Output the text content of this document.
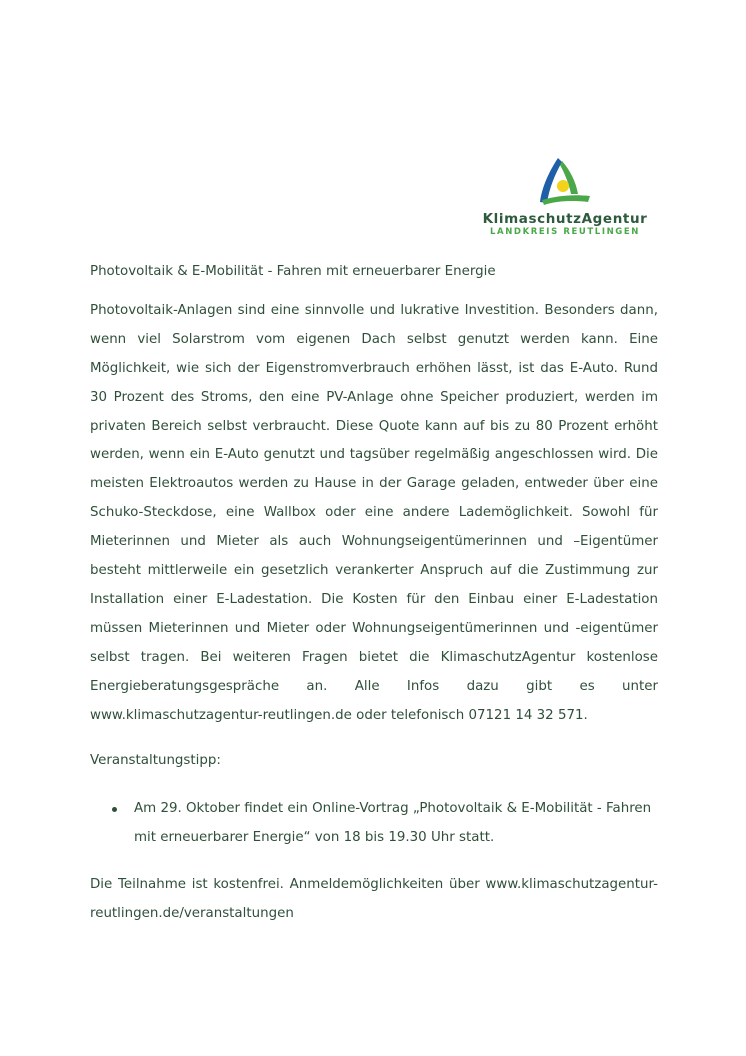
KlimaschutzAgentur
LANDKREIS REUTLINGEN

Photovoltaik & E-Mobilität - Fahren mit erneuerbarer Energie

Photovoltaik-Anlagen sind eine sinnvolle und lukrative Investition. Besonders dann, wenn viel Solarstrom vom eigenen Dach selbst genutzt werden kann. Eine Möglichkeit, wie sich der Eigenstromverbrauch erhöhen lässt, ist das E-Auto. Rund 30 Prozent des Stroms, den eine PV-Anlage ohne Speicher produziert, werden im privaten Bereich selbst verbraucht. Diese Quote kann auf bis zu 80 Prozent erhöht werden, wenn ein E-Auto genutzt und tagsüber regelmäßig angeschlossen wird. Die meisten Elektroautos werden zu Hause in der Garage geladen, entweder über eine Schuko-Steckdose, eine Wallbox oder eine andere Lademöglichkeit. Sowohl für Mieterinnen und Mieter als auch Wohnungseigentümerinnen und –Eigentümer besteht mittlerweile ein gesetzlich verankerter Anspruch auf die Zustimmung zur Installation einer E-Ladestation. Die Kosten für den Einbau einer E-Ladestation müssen Mieterinnen und Mieter oder Wohnungseigentümerinnen und -eigentümer selbst tragen. Bei weiteren Fragen bietet die KlimaschutzAgentur kostenlose Energieberatungsgespräche an. Alle Infos dazu gibt es unter www.klimaschutzagentur-reutlingen.de oder telefonisch 07121 14 32 571.

Veranstaltungstipp:

Am 29. Oktober findet ein Online-Vortrag „Photovoltaik & E-Mobilität - Fahren mit erneuerbarer Energie“ von 18 bis 19.30 Uhr statt.

Die Teilnahme ist kostenfrei. Anmeldemöglichkeiten über www.klimaschutzagentur-reutlingen.de/veranstaltungen
